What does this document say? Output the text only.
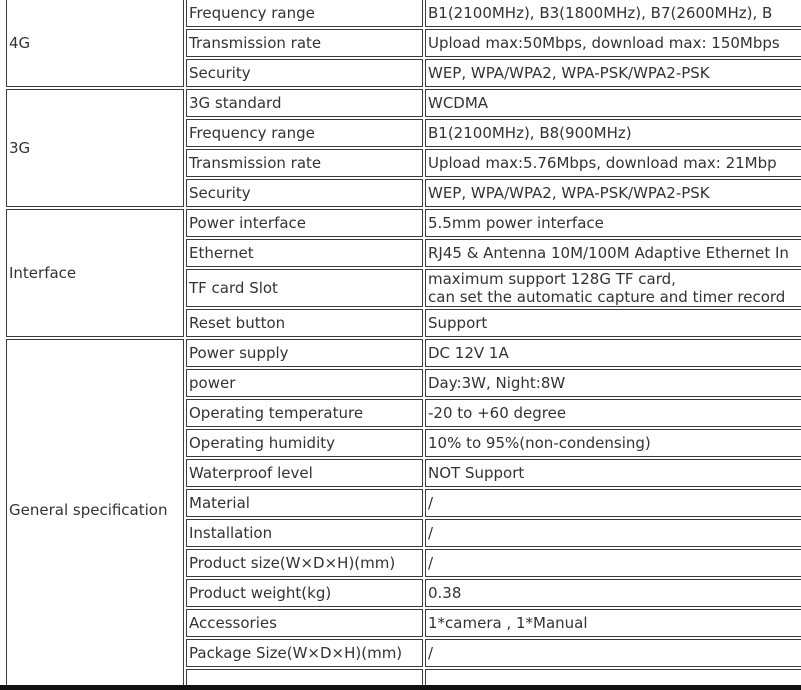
4G	Frequency range	B1(2100MHz), B3(1800MHz), B7(2600MHz), B
	Transmission rate	Upload max:50Mbps, download max: 150Mbps
	Security	WEP, WPA/WPA2, WPA-PSK/WPA2-PSK
3G	3G standard	WCDMA
	Frequency range	B1(2100MHz), B8(900MHz)
	Transmission rate	Upload max:5.76Mbps, download max: 21Mbp
	Security	WEP, WPA/WPA2, WPA-PSK/WPA2-PSK
Interface	Power interface	5.5mm power interface
	Ethernet	RJ45 & Antenna 10M/100M Adaptive Ethernet In
	TF card Slot	maximum support 128G TF card,
can set the automatic capture and timer record
	Reset button	Support
General specification	Power supply	DC 12V 1A
	power	Day:3W, Night:8W
	Operating temperature	-20 to +60 degree
	Operating humidity	10% to 95%(non-condensing)
	Waterproof level	NOT Support
	Material	/
	Installation	/
	Product size(W×D×H)(mm)	/
	Product weight(kg)	0.38
	Accessories	1*camera , 1*Manual
	Package Size(W×D×H)(mm)	/
